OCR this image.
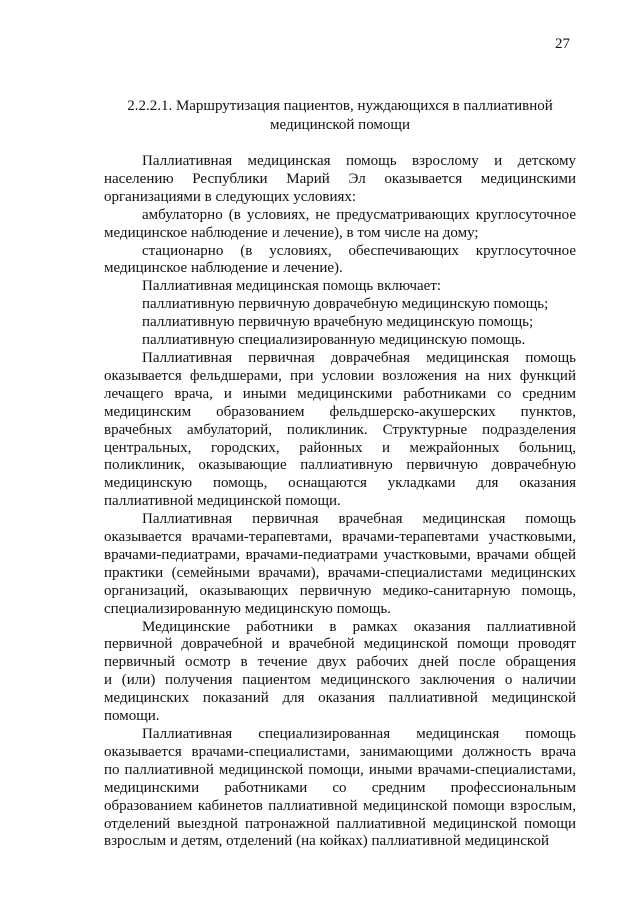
27
2.2.2.1. Маршрутизация пациентов, нуждающихся в паллиативной
медицинской помощи
Паллиативная медицинская помощь взрослому и детскому
населению Республики Марий Эл оказывается медицинскими
организациями в следующих условиях:
амбулаторно (в условиях, не предусматривающих круглосуточное
медицинское наблюдение и лечение), в том числе на дому;
стационарно (в условиях, обеспечивающих круглосуточное
медицинское наблюдение и лечение).
Паллиативная медицинская помощь включает:
паллиативную первичную доврачебную медицинскую помощь;
паллиативную первичную врачебную медицинскую помощь;
паллиативную специализированную медицинскую помощь.
Паллиативная первичная доврачебная медицинская помощь
оказывается фельдшерами, при условии возложения на них функций
лечащего врача, и иными медицинскими работниками со средним
медицинским образованием фельдшерско-акушерских пунктов,
врачебных амбулаторий, поликлиник. Структурные подразделения
центральных, городских, районных и межрайонных больниц,
поликлиник, оказывающие паллиативную первичную доврачебную
медицинскую помощь, оснащаются укладками для оказания
паллиативной медицинской помощи.
Паллиативная первичная врачебная медицинская помощь
оказывается врачами-терапевтами, врачами-терапевтами участковыми,
врачами-педиатрами, врачами-педиатрами участковыми, врачами общей
практики (семейными врачами), врачами-специалистами медицинских
организаций, оказывающих первичную медико-санитарную помощь,
специализированную медицинскую помощь.
Медицинские работники в рамках оказания паллиативной
первичной доврачебной и врачебной медицинской помощи проводят
первичный осмотр в течение двух рабочих дней после обращения
и (или) получения пациентом медицинского заключения о наличии
медицинских показаний для оказания паллиативной медицинской
помощи.
Паллиативная специализированная медицинская помощь
оказывается врачами-специалистами, занимающими должность врача
по паллиативной медицинской помощи, иными врачами-специалистами,
медицинскими работниками со средним профессиональным
образованием кабинетов паллиативной медицинской помощи взрослым,
отделений выездной патронажной паллиативной медицинской помощи
взрослым и детям, отделений (на койках) паллиативной медицинской
